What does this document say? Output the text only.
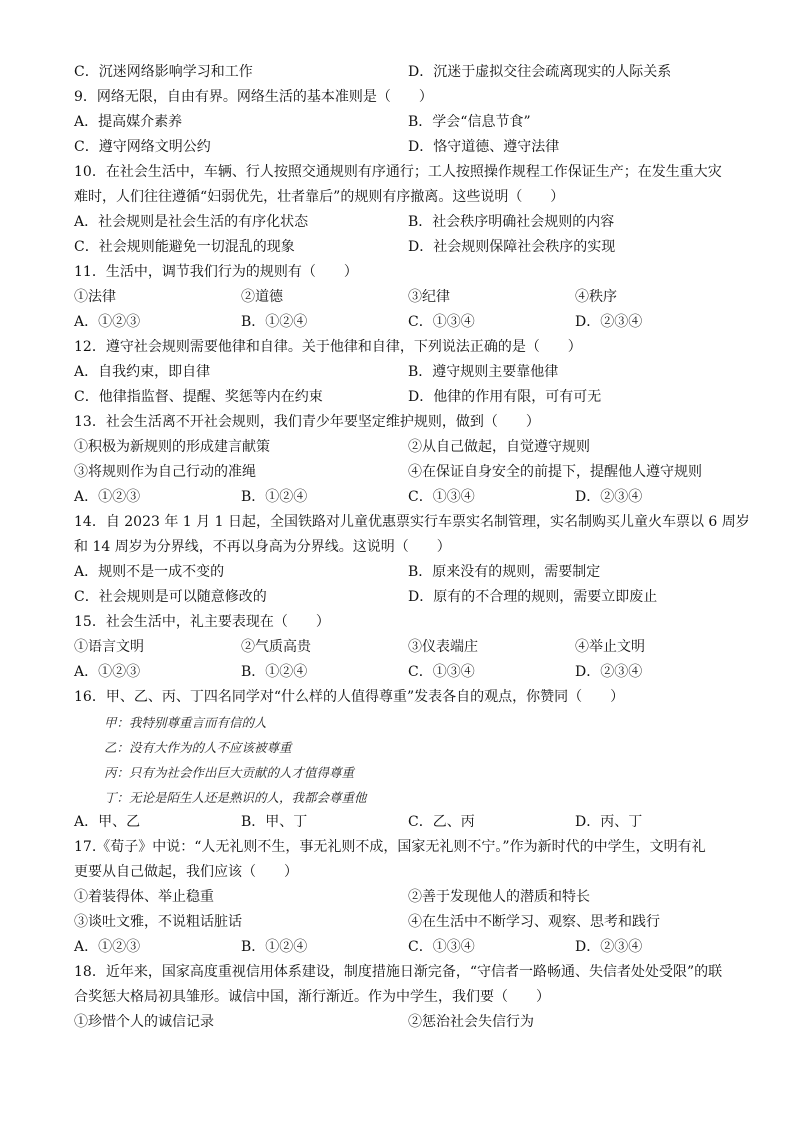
C．沉迷网络影响学习和工作	D．沉迷于虚拟交往会疏离现实的人际关系
9．网络无限，自由有界。网络生活的基本准则是（　　）
A．提高媒介素养	B．学会“信息节食”
C．遵守网络文明公约	D．恪守道德、遵守法律
10．在社会生活中，车辆、行人按照交通规则有序通行；工人按照操作规程工作保证生产；在发生重大灾
难时，人们往往遵循“妇弱优先，壮者靠后”的规则有序撤离。这些说明（　　）
A．社会规则是社会生活的有序化状态	B．社会秩序明确社会规则的内容
C．社会规则能避免一切混乱的现象	D．社会规则保障社会秩序的实现
11．生活中，调节我们行为的规则有（　　）
①法律	②道德	③纪律	④秩序
A．①②③	B．①②④	C．①③④	D．②③④
12．遵守社会规则需要他律和自律。关于他律和自律，下列说法正确的是（　　）
A．自我约束，即自律	B．遵守规则主要靠他律
C．他律指监督、提醒、奖惩等内在约束	D．他律的作用有限，可有可无
13．社会生活离不开社会规则，我们青少年要坚定维护规则，做到（　　）
①积极为新规则的形成建言献策	②从自己做起，自觉遵守规则
③将规则作为自己行动的准绳	④在保证自身安全的前提下，提醒他人遵守规则
A．①②③	B．①②④	C．①③④	D．②③④
14．自 2023 年 1 月 1 日起，全国铁路对儿童优惠票实行车票实名制管理，实名制购买儿童火车票以 6 周岁
和 14 周岁为分界线，不再以身高为分界线。这说明（　　）
A．规则不是一成不变的	B．原来没有的规则，需要制定
C．社会规则是可以随意修改的	D．原有的不合理的规则，需要立即废止
15．社会生活中，礼主要表现在（　　）
①语言文明	②气质高贵	③仪表端庄	④举止文明
A．①②③	B．①②④	C．①③④	D．②③④
16．甲、乙、丙、丁四名同学对“什么样的人值得尊重”发表各自的观点，你赞同（　　）
甲：我特别尊重言而有信的人
乙：没有大作为的人不应该被尊重
丙：只有为社会作出巨大贡献的人才值得尊重
丁：无论是陌生人还是熟识的人，我都会尊重他
A．甲、乙	B．甲、丁	C．乙、丙	D．丙、丁
17.《荀子》中说：“人无礼则不生，事无礼则不成，国家无礼则不宁。”作为新时代的中学生，文明有礼
更要从自己做起，我们应该（　　）
①着装得体、举止稳重	②善于发现他人的潜质和特长
③谈吐文雅，不说粗话脏话	④在生活中不断学习、观察、思考和践行
A．①②③	B．①②④	C．①③④	D．②③④
18．近年来，国家高度重视信用体系建设，制度措施日渐完备，“守信者一路畅通、失信者处处受限”的联
合奖惩大格局初具雏形。诚信中国，渐行渐近。作为中学生，我们要（　　）
①珍惜个人的诚信记录	②惩治社会失信行为
